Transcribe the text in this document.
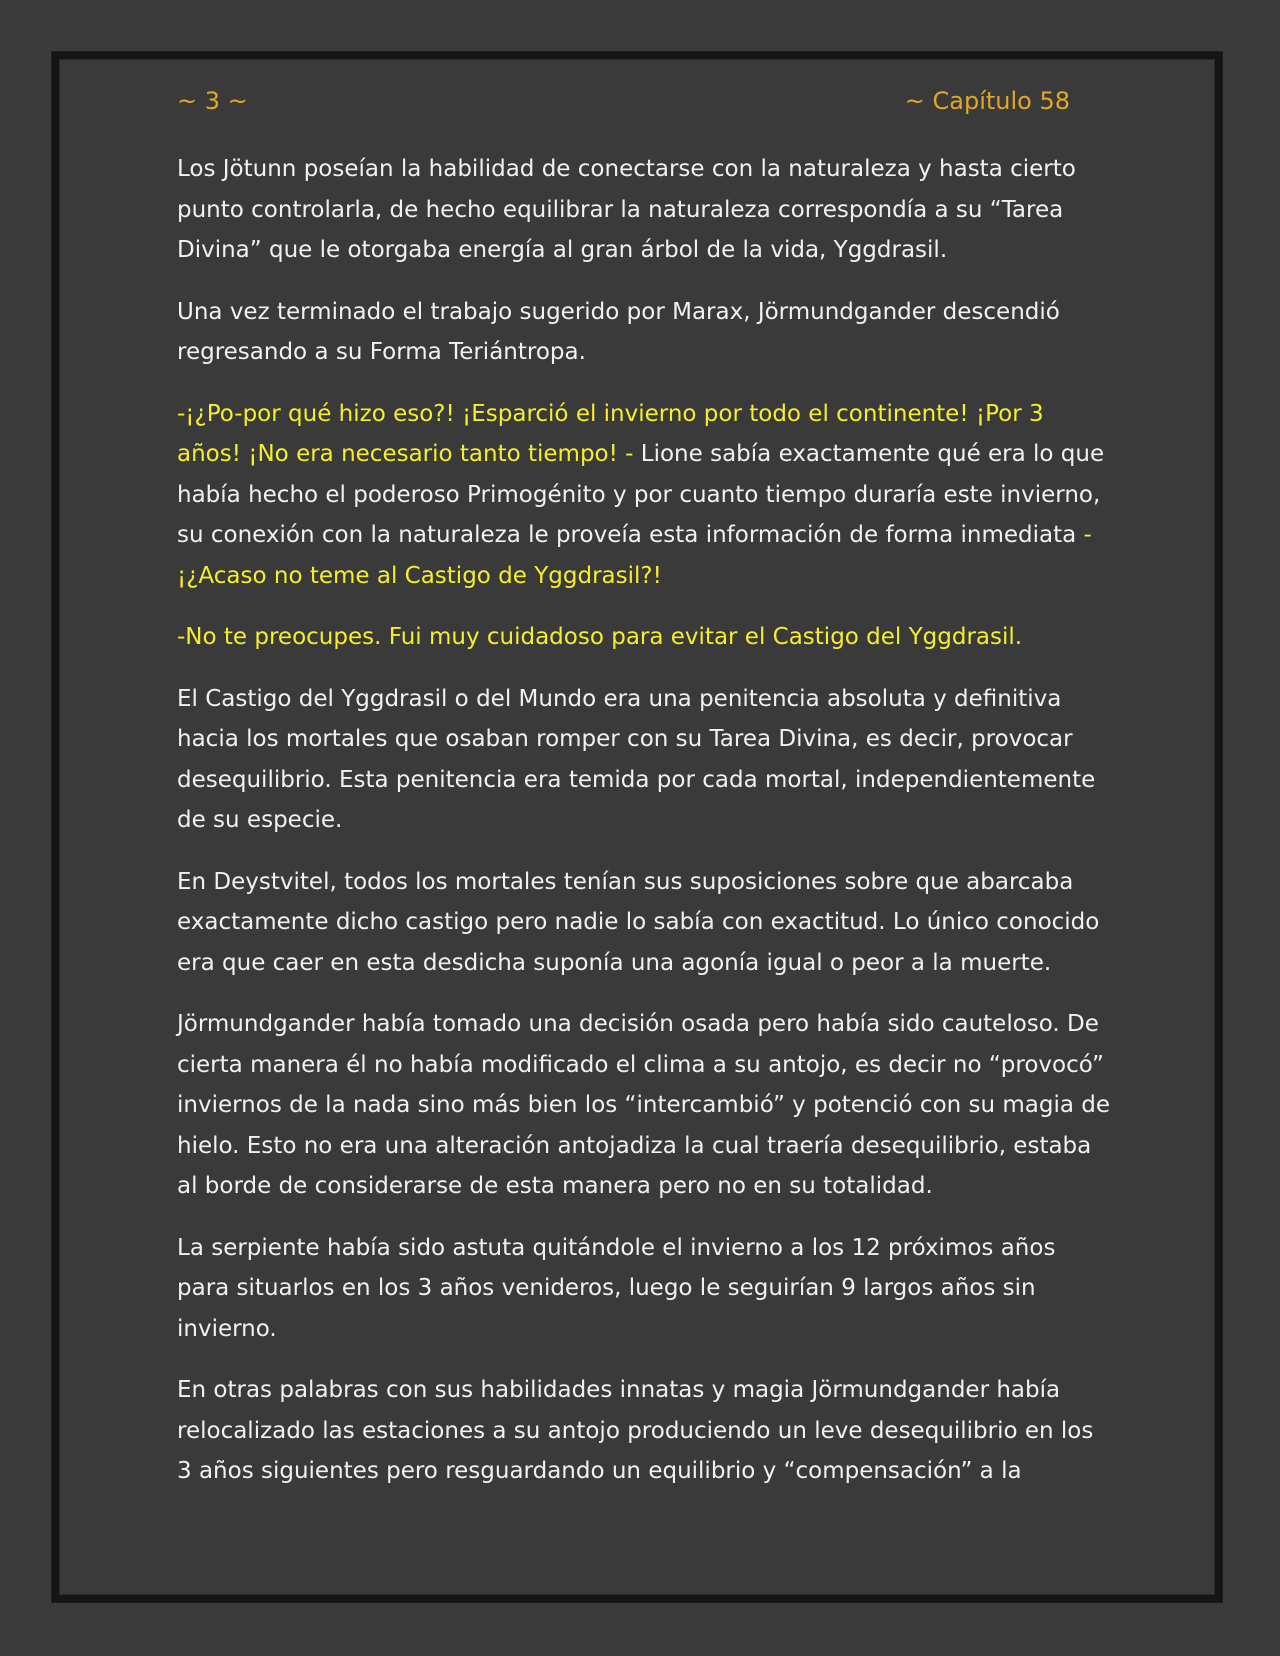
~ 3 ~	~ Capítulo 58

Los Jötunn poseían la habilidad de conectarse con la naturaleza y hasta cierto punto controlarla, de hecho equilibrar la naturaleza correspondía a su “Tarea Divina” que le otorgaba energía al gran árbol de la vida, Yggdrasil.

Una vez terminado el trabajo sugerido por Marax, Jörmundgander descendió regresando a su Forma Teriántropa.

-¡¿Po-por qué hizo eso?! ¡Esparció el invierno por todo el continente! ¡Por 3 años! ¡No era necesario tanto tiempo! - Lione sabía exactamente qué era lo que había hecho el poderoso Primogénito y por cuanto tiempo duraría este invierno, su conexión con la naturaleza le proveía esta información de forma inmediata - ¡¿Acaso no teme al Castigo de Yggdrasil?!

-No te preocupes. Fui muy cuidadoso para evitar el Castigo del Yggdrasil.

El Castigo del Yggdrasil o del Mundo era una penitencia absoluta y definitiva hacia los mortales que osaban romper con su Tarea Divina, es decir, provocar desequilibrio. Esta penitencia era temida por cada mortal, independientemente de su especie.

En Deystvitel, todos los mortales tenían sus suposiciones sobre que abarcaba exactamente dicho castigo pero nadie lo sabía con exactitud. Lo único conocido era que caer en esta desdicha suponía una agonía igual o peor a la muerte.

Jörmundgander había tomado una decisión osada pero había sido cauteloso. De cierta manera él no había modificado el clima a su antojo, es decir no “provocó” inviernos de la nada sino más bien los “intercambió” y potenció con su magia de hielo. Esto no era una alteración antojadiza la cual traería desequilibrio, estaba al borde de considerarse de esta manera pero no en su totalidad.

La serpiente había sido astuta quitándole el invierno a los 12 próximos años para situarlos en los 3 años venideros, luego le seguirían 9 largos años sin invierno.

En otras palabras con sus habilidades innatas y magia Jörmundgander había relocalizado las estaciones a su antojo produciendo un leve desequilibrio en los 3 años siguientes pero resguardando un equilibrio y “compensación” a la
